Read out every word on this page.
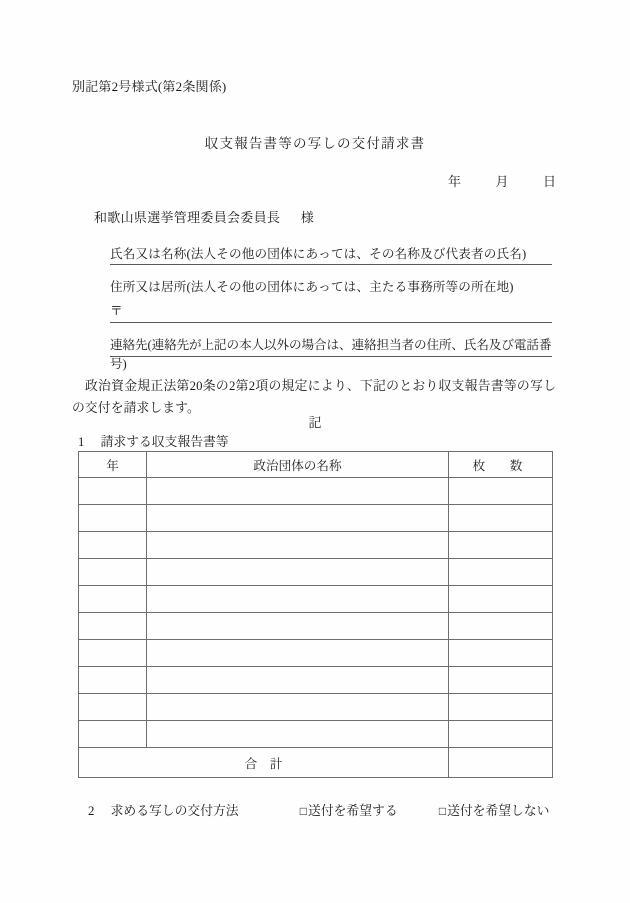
別記第2号様式(第2条関係)
収支報告書等の写しの交付請求書
年	月	日
和歌山県選挙管理委員会委員長 様
氏名又は名称(法人その他の団体にあっては、その名称及び代表者の氏名)
住所又は居所(法人その他の団体にあっては、主たる事務所等の所在地)
〒
連絡先(連絡先が上記の本人以外の場合は、連絡担当者の住所、氏名及び電話番号)
政治資金規正法第20条の2第2項の規定により、下記のとおり収支報告書等の写しの交付を請求します。
記
1 請求する収支報告書等
年	政治団体の名称	枚　数

合　計		
2 求める写しの交付方法	□送付を希望する	□送付を希望しない
